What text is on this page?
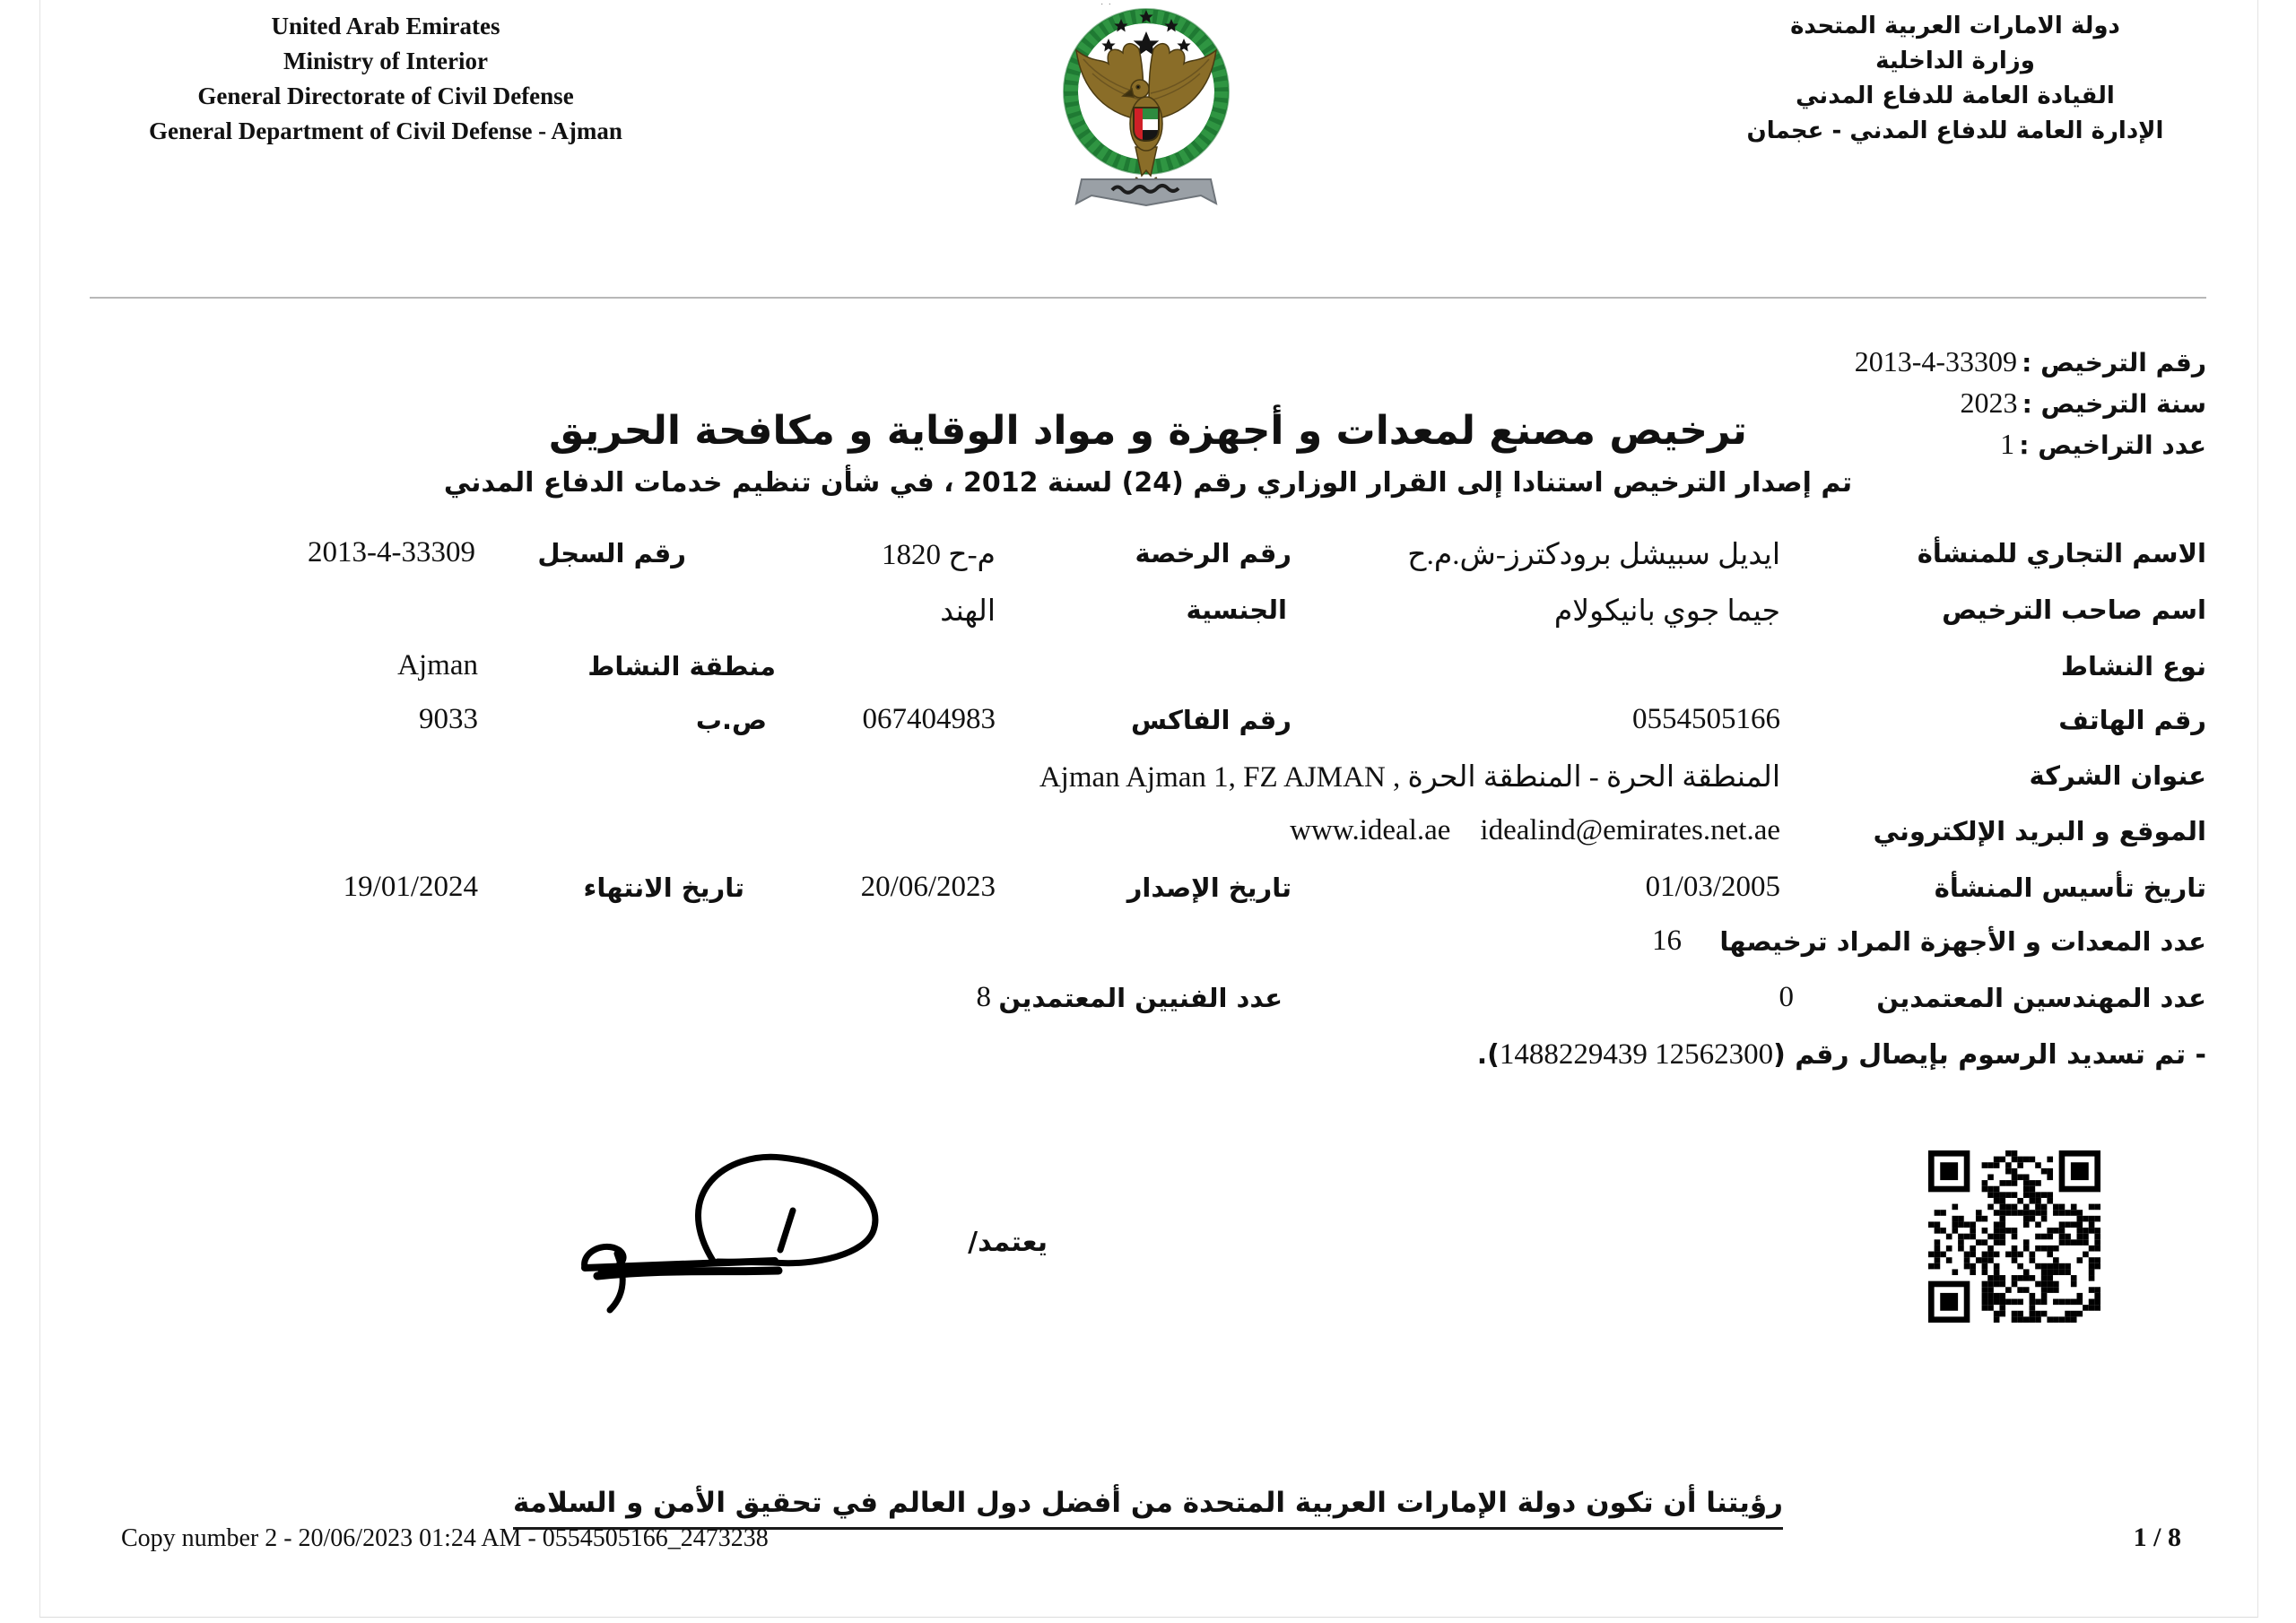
United Arab Emirates
Ministry of Interior
General Directorate of Civil Defense
General Department of Civil Defense - Ajman
دولة الامارات العربية المتحدة
وزارة الداخلية
القيادة العامة للدفاع المدني
الإدارة العامة للدفاع المدني - عجمان
رقم الترخيص : 2013-4-33309
سنة الترخيص : 2023
عدد التراخيص : 1
ترخيص مصنع لمعدات و أجهزة و مواد الوقاية و مكافحة الحريق
تم إصدار الترخيص استنادا إلى القرار الوزاري رقم (24) لسنة 2012 ، في شأن تنظيم خدمات الدفاع المدني
الاسم التجاري للمنشأة
ايديل سبيشل برودكترز-ش.م.ح
رقم الرخصة
م-ح 1820
رقم السجل
2013-4-33309
اسم صاحب الترخيص
جيما جوي بانيكولام
الجنسية
الهند
نوع النشاط
منطقة النشاط
Ajman
رقم الهاتف
0554505166
رقم الفاكس
067404983
ص.ب
9033
عنوان الشركة
المنطقة الحرة - المنطقة الحرة , Ajman Ajman 1, FZ AJMAN
الموقع و البريد الإلكتروني
www.ideal.ae    idealind@emirates.net.ae
تاريخ تأسيس المنشأة
01/03/2005
تاريخ الإصدار
20/06/2023
تاريخ الانتهاء
19/01/2024
عدد المعدات و الأجهزة المراد ترخيصها
16
عدد المهندسين المعتمدين
0
عدد الفنيين المعتمدين
8
- تم تسديد الرسوم بإيصال رقم (12562300 1488229439).
يعتمد/
رؤيتنا أن تكون دولة الإمارات العربية المتحدة من أفضل دول العالم في تحقيق الأمن و السلامة
Copy number 2 - 20/06/2023 01:24 AM - 0554505166_2473238	1 / 8
